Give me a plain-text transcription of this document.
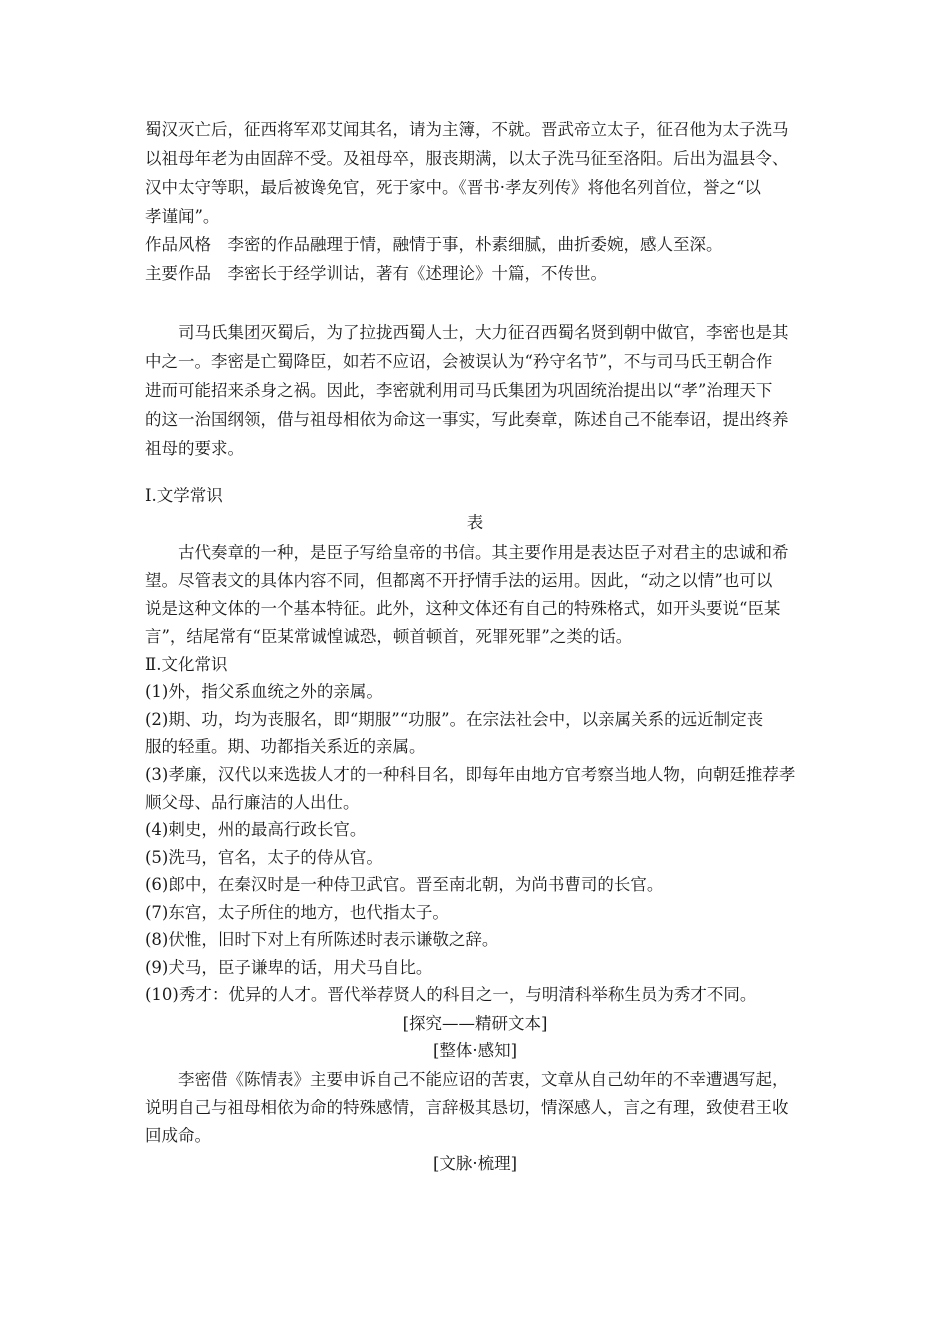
蜀汉灭亡后，征西将军邓艾闻其名，请为主簿，不就。晋武帝立太子，征召他为太子洗马
以祖母年老为由固辞不受。及祖母卒，服丧期满，以太子洗马征至洛阳。后出为温县令、
汉中太守等职，最后被谗免官，死于家中。《晋书·孝友列传》将他名列首位，誉之“以
孝谨闻”。
作品风格　李密的作品融理于情，融情于事，朴素细腻，曲折委婉，感人至深。
主要作品　李密长于经学训诂，著有《述理论》十篇，不传世。
司马氏集团灭蜀后，为了拉拢西蜀人士，大力征召西蜀名贤到朝中做官，李密也是其
中之一。李密是亡蜀降臣，如若不应诏，会被误认为“矜守名节”，不与司马氏王朝合作
进而可能招来杀身之祸。因此，李密就利用司马氏集团为巩固统治提出以“孝”治理天下
的这一治国纲领，借与祖母相依为命这一事实，写此奏章，陈述自己不能奉诏，提出终养
祖母的要求。
Ⅰ.文学常识
表
古代奏章的一种，是臣子写给皇帝的书信。其主要作用是表达臣子对君主的忠诚和希
望。尽管表文的具体内容不同，但都离不开抒情手法的运用。因此，“动之以情”也可以
说是这种文体的一个基本特征。此外，这种文体还有自己的特殊格式，如开头要说“臣某
言”，结尾常有“臣某常诚惶诚恐，顿首顿首，死罪死罪”之类的话。
Ⅱ.文化常识
(1)外，指父系血统之外的亲属。
(2)期、功，均为丧服名，即“期服”“功服”。在宗法社会中，以亲属关系的远近制定丧
服的轻重。期、功都指关系近的亲属。
(3)孝廉，汉代以来选拔人才的一种科目名，即每年由地方官考察当地人物，向朝廷推荐孝
顺父母、品行廉洁的人出仕。
(4)刺史，州的最高行政长官。
(5)洗马，官名，太子的侍从官。
(6)郎中，在秦汉时是一种侍卫武官。晋至南北朝，为尚书曹司的长官。
(7)东宫，太子所住的地方，也代指太子。
(8)伏惟，旧时下对上有所陈述时表示谦敬之辞。
(9)犬马，臣子谦卑的话，用犬马自比。
(10)秀才：优异的人才。晋代举荐贤人的科目之一，与明清科举称生员为秀才不同。
[探究——精研文本]
[整体·感知]
李密借《陈情表》主要申诉自己不能应诏的苦衷，文章从自己幼年的不幸遭遇写起，
说明自己与祖母相依为命的特殊感情，言辞极其恳切，情深感人，言之有理，致使君王收
回成命。
[文脉·梳理]
